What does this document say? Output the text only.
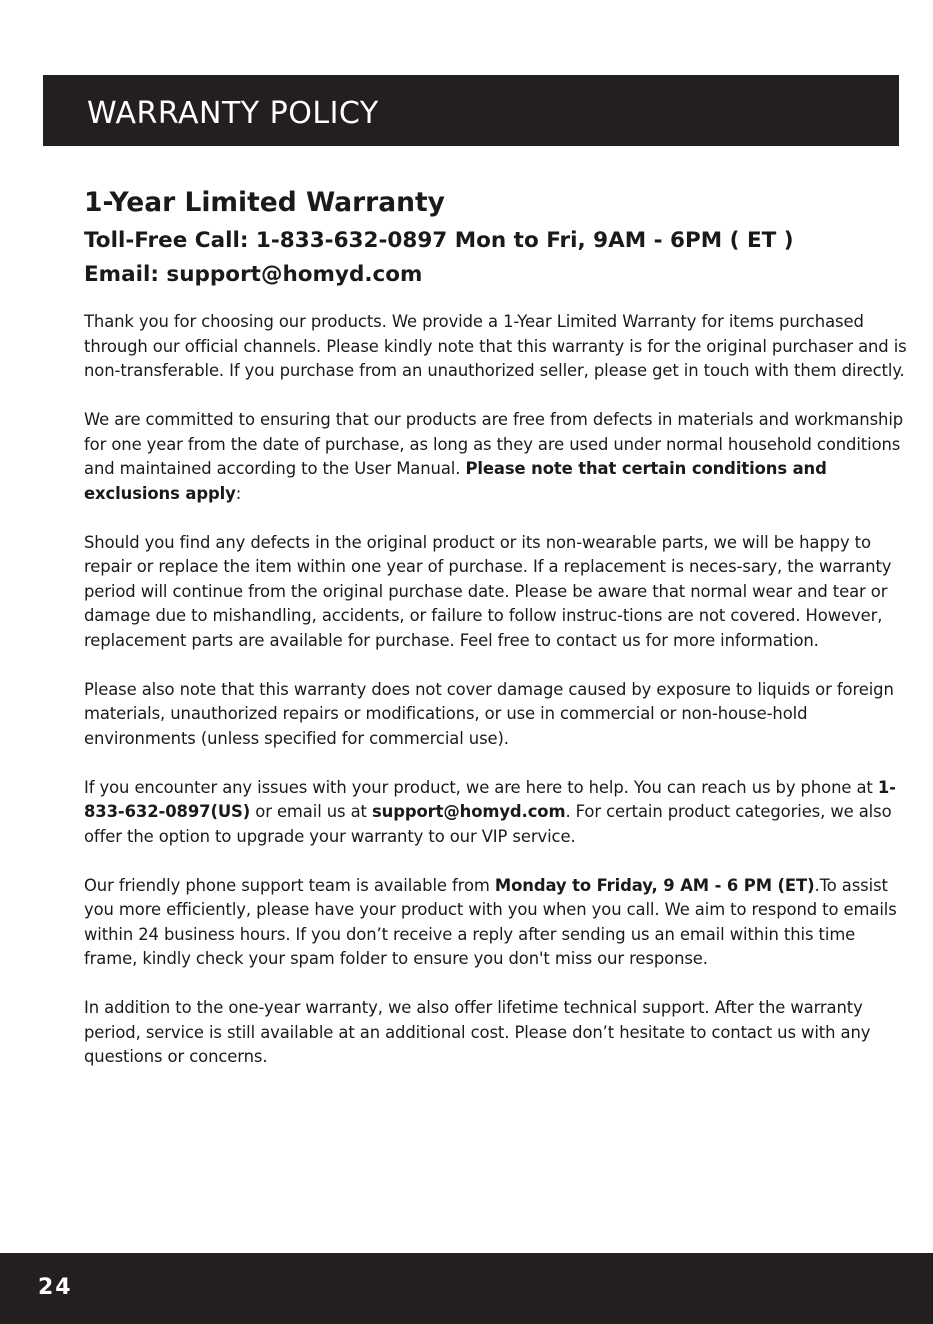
WARRANTY POLICY
1-Year Limited Warranty
Toll-Free Call: 1-833-632-0897 Mon to Fri, 9AM - 6PM ( ET )
Email: support@homyd.com

Thank you for choosing our products. We provide a 1-Year Limited Warranty for items purchased through our official channels. Please kindly note that this warranty is for the original purchaser and is non-transferable. If you purchase from an unauthorized seller, please get in touch with them directly.

We are committed to ensuring that our products are free from defects in materials and workmanship for one year from the date of purchase, as long as they are used under normal household conditions and maintained according to the User Manual. Please note that certain conditions and exclusions apply:

Should you find any defects in the original product or its non-wearable parts, we will be happy to repair or replace the item within one year of purchase. If a replacement is neces-sary, the warranty period will continue from the original purchase date. Please be aware that normal wear and tear or damage due to mishandling, accidents, or failure to follow instruc-tions are not covered. However, replacement parts are available for purchase. Feel free to contact us for more information.

Please also note that this warranty does not cover damage caused by exposure to liquids or foreign materials, unauthorized repairs or modifications, or use in commercial or non-house-hold environments (unless specified for commercial use).

If you encounter any issues with your product, we are here to help. You can reach us by phone at 1-833-632-0897(US) or email us at support@homyd.com. For certain product categories, we also offer the option to upgrade your warranty to our VIP service.

Our friendly phone support team is available from Monday to Friday, 9 AM - 6 PM (ET).To assist you more efficiently, please have your product with you when you call. We aim to respond to emails within 24 business hours. If you don’t receive a reply after sending us an email within this time frame, kindly check your spam folder to ensure you don't miss our response.

In addition to the one-year warranty, we also offer lifetime technical support. After the warranty period, service is still available at an additional cost. Please don’t hesitate to contact us with any questions or concerns.

24
